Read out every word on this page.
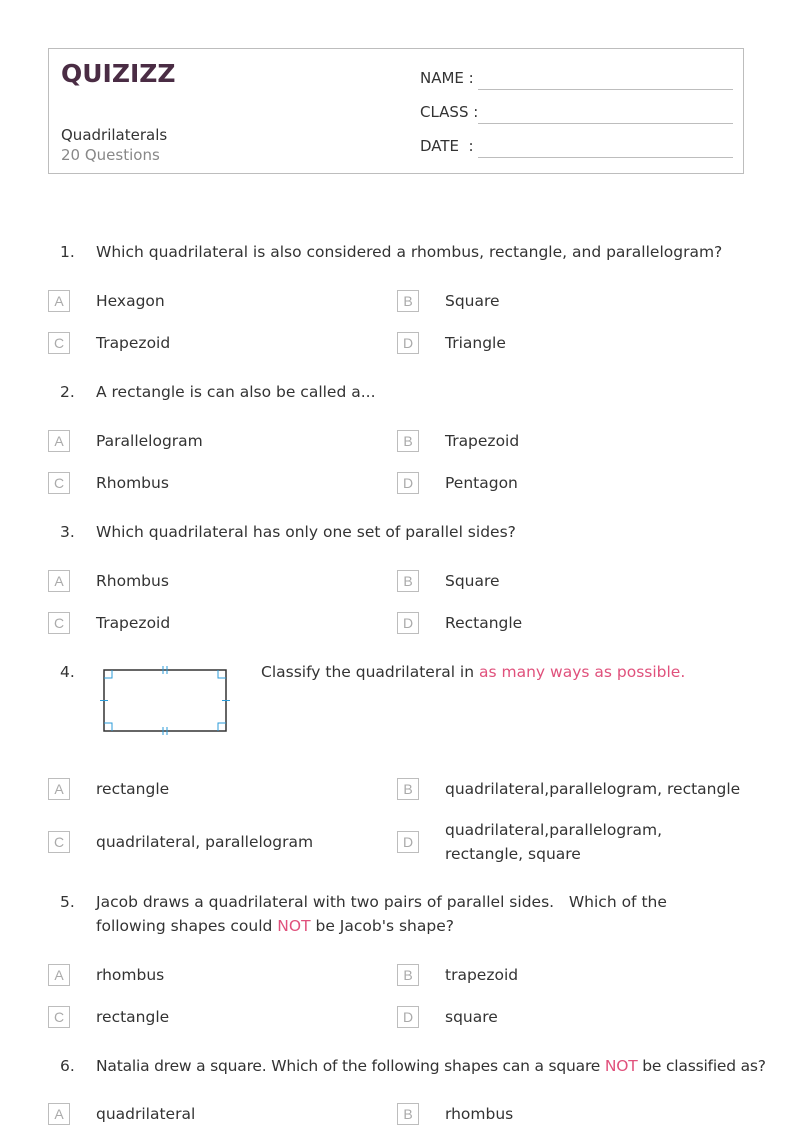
QUIZIZZ
Quadrilaterals
20 Questions
NAME :
CLASS :
DATE  :
1. Which quadrilateral is also considered a rhombus, rectangle, and parallelogram?
A	Hexagon	B	Square
C	Trapezoid	D	Triangle
2. A rectangle is can also be called a...
A	Parallelogram	B	Trapezoid
C	Rhombus	D	Pentagon
3. Which quadrilateral has only one set of parallel sides?
A	Rhombus	B	Square
C	Trapezoid	D	Rectangle
4.	Classify the quadrilateral in as many ways as possible.
A	rectangle	B	quadrilateral,parallelogram, rectangle
C	quadrilateral, parallelogram	D
quadrilateral,parallelogram, rectangle, square
5. Jacob draws a quadrilateral with two pairs of parallel sides.   Which of the following shapes could NOT be Jacob's shape?
A	rhombus	B	trapezoid
C	rectangle	D	square
6. Natalia drew a square. Which of the following shapes can a square NOT be classified as?
A	quadrilateral	B	rhombus
